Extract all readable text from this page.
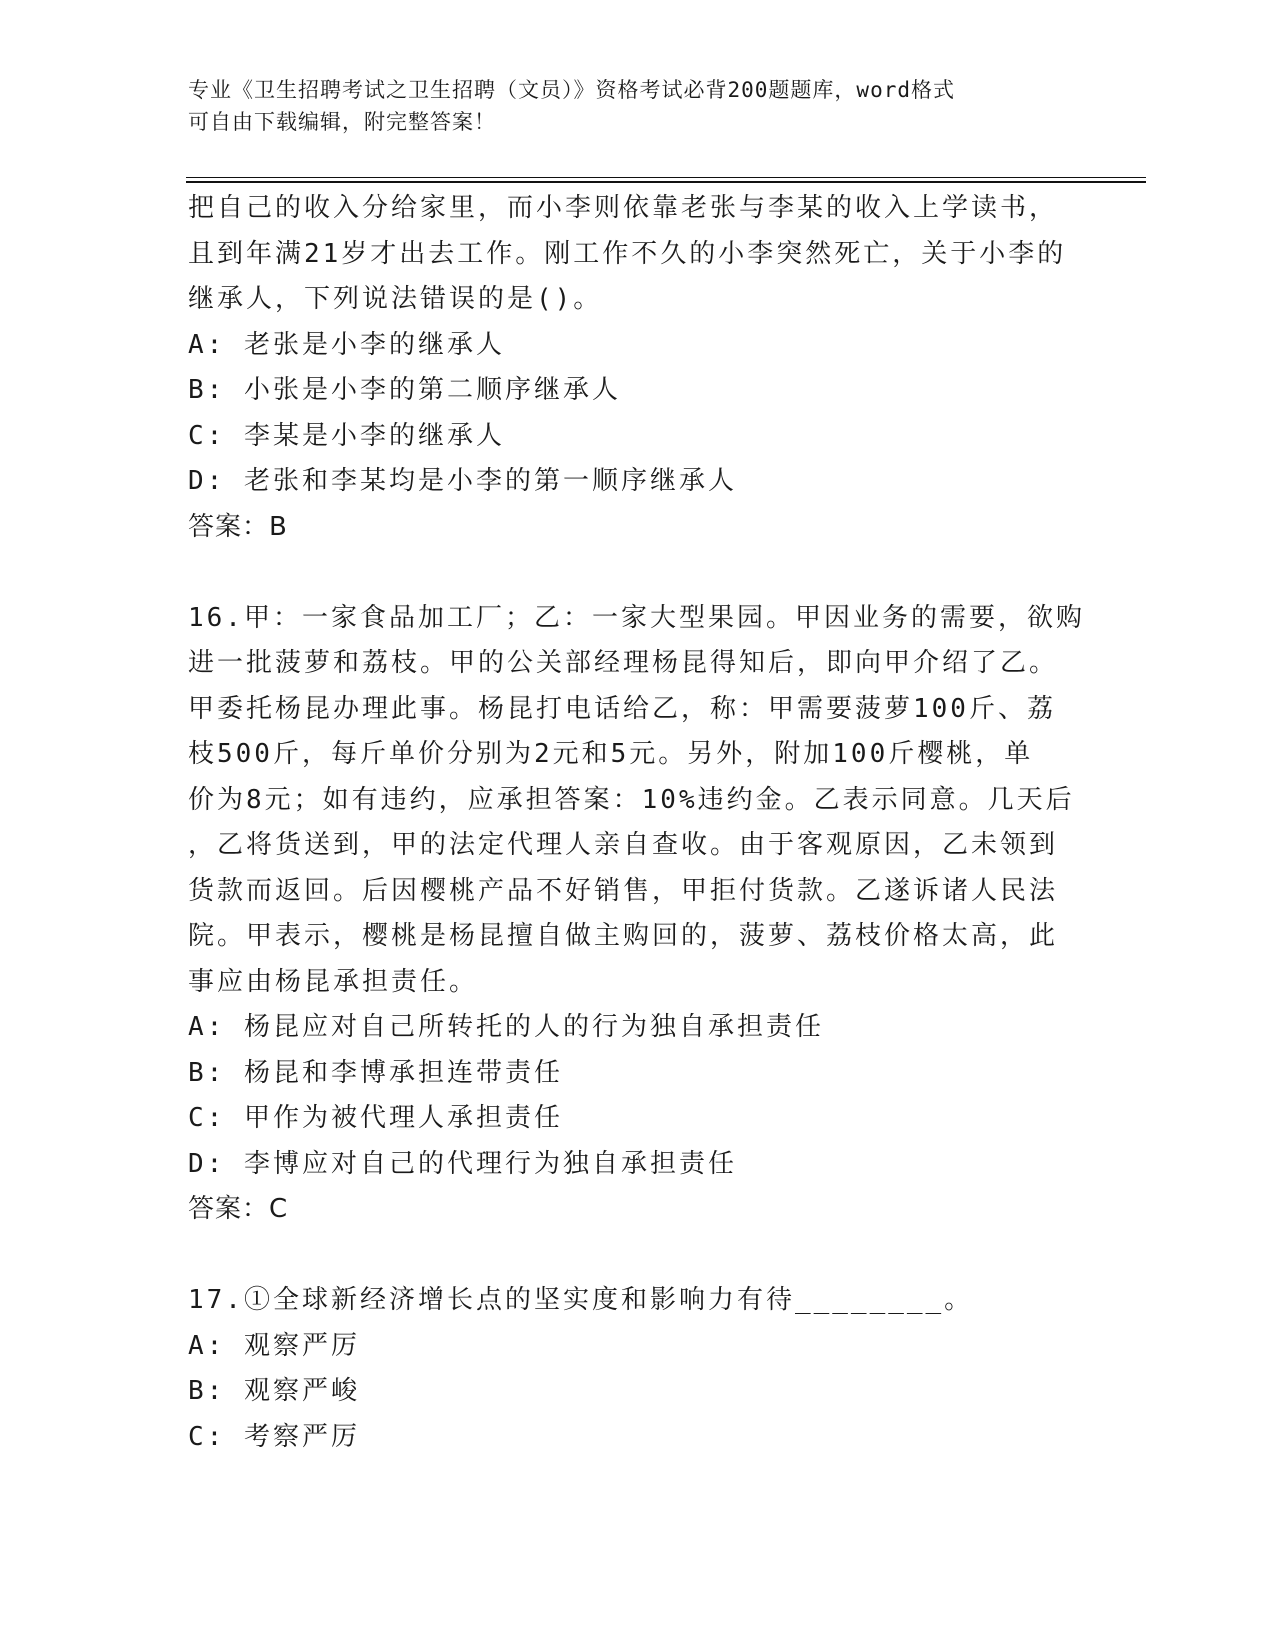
专业《卫生招聘考试之卫生招聘（文员）》资格考试必背200题题库，word格式
可自由下载编辑，附完整答案！
把自己的收入分给家里，而小李则依靠老张与李某的收入上学读书，
且到年满21岁才出去工作。刚工作不久的小李突然死亡，关于小李的
继承人，下列说法错误的是()。
A: 老张是小李的继承人
B: 小张是小李的第二顺序继承人
C: 李某是小李的继承人
D: 老张和李某均是小李的第一顺序继承人
答案：B
16.甲：一家食品加工厂；乙：一家大型果园。甲因业务的需要，欲购
进一批菠萝和荔枝。甲的公关部经理杨昆得知后，即向甲介绍了乙。
甲委托杨昆办理此事。杨昆打电话给乙，称：甲需要菠萝100斤、荔
枝500斤，每斤单价分别为2元和5元。另外，附加100斤樱桃，单
价为8元；如有违约，应承担答案：10%违约金。乙表示同意。几天后
，乙将货送到，甲的法定代理人亲自查收。由于客观原因，乙未领到
货款而返回。后因樱桃产品不好销售，甲拒付货款。乙遂诉诸人民法
院。甲表示，樱桃是杨昆擅自做主购回的，菠萝、荔枝价格太高，此
事应由杨昆承担责任。
A: 杨昆应对自己所转托的人的行为独自承担责任
B: 杨昆和李博承担连带责任
C: 甲作为被代理人承担责任
D: 李博应对自己的代理行为独自承担责任
答案：C
17.①全球新经济增长点的坚实度和影响力有待________。
A: 观察严厉
B: 观察严峻
C: 考察严厉
